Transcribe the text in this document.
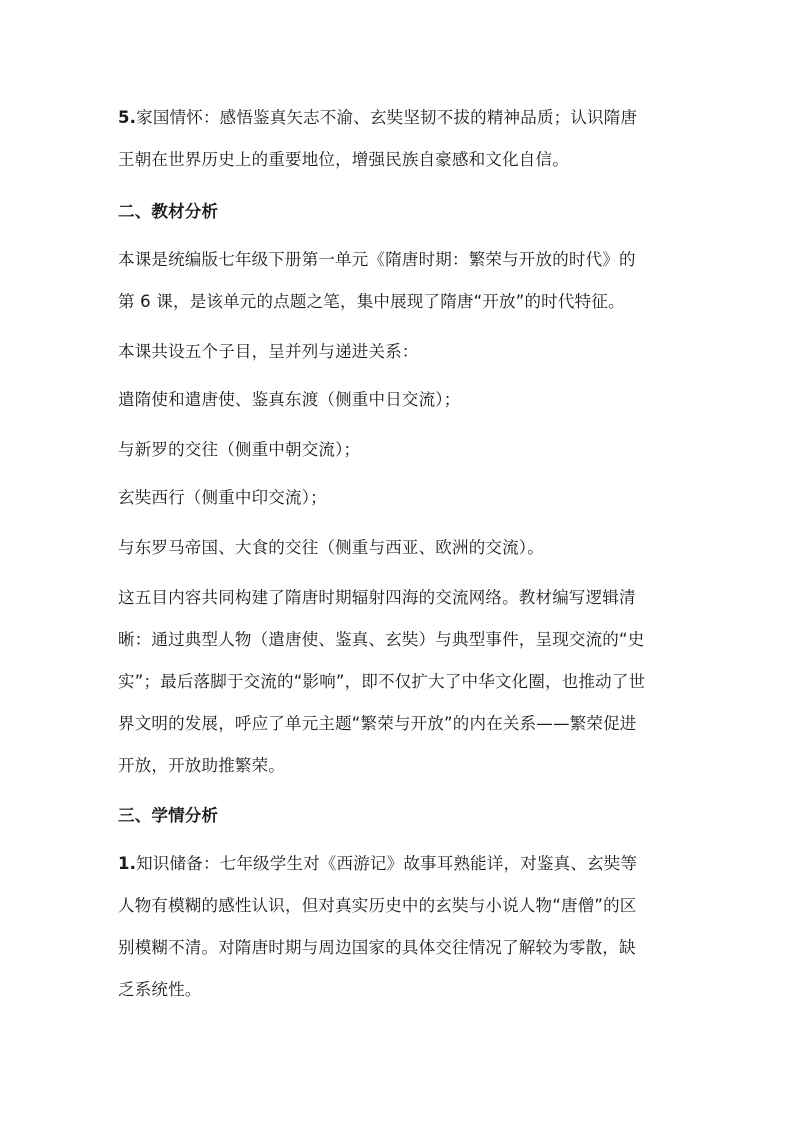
5.家国情怀：感悟鉴真矢志不渝、玄奘坚韧不拔的精神品质；认识隋唐
王朝在世界历史上的重要地位，增强民族自豪感和文化自信。
二、教材分析
本课是统编版七年级下册第一单元《隋唐时期：繁荣与开放的时代》的
第 6 课，是该单元的点题之笔，集中展现了隋唐“开放”的时代特征。
本课共设五个子目，呈并列与递进关系：
遣隋使和遣唐使、鉴真东渡（侧重中日交流）；
与新罗的交往（侧重中朝交流）；
玄奘西行（侧重中印交流）；
与东罗马帝国、大食的交往（侧重与西亚、欧洲的交流）。
这五目内容共同构建了隋唐时期辐射四海的交流网络。教材编写逻辑清
晰：通过典型人物（遣唐使、鉴真、玄奘）与典型事件，呈现交流的“史
实”；最后落脚于交流的“影响”，即不仅扩大了中华文化圈，也推动了世
界文明的发展，呼应了单元主题“繁荣与开放”的内在关系——繁荣促进
开放，开放助推繁荣。
三、学情分析
1.知识储备：七年级学生对《西游记》故事耳熟能详，对鉴真、玄奘等
人物有模糊的感性认识，但对真实历史中的玄奘与小说人物“唐僧”的区
别模糊不清。对隋唐时期与周边国家的具体交往情况了解较为零散，缺
乏系统性。
